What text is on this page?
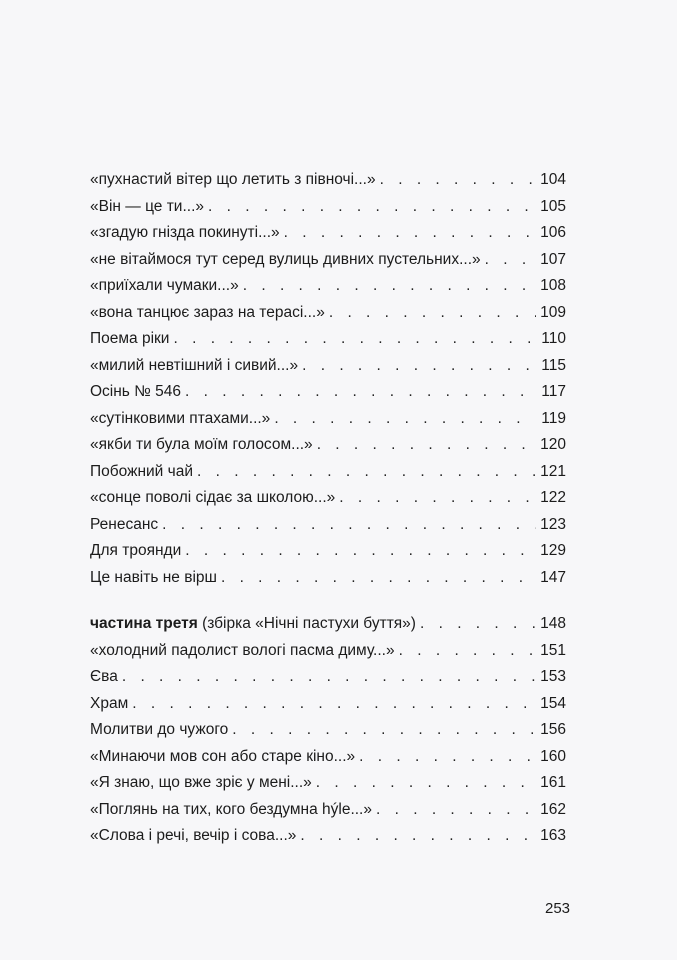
«пухнастий вітер що летить з півночі...» . . .	104
«Він — це ти...» . . .	105
«згадую гнізда покинуті...» . . .	106
«не вітаймося тут серед вулиць дивних пустельних...» . . .	107
«приїхали чумаки...» . . .	108
«вона танцює зараз на терасі...» . . .	109
Поема ріки . . .	110
«милий невтішний і сивий...» . . .	115
Осінь № 546 . . .	117
«сутінковими птахами...» . . .	119
«якби ти була моїм голосом...» . . .	120
Побожний чай . . .	121
«сонце поволі сідає за школою...» . . .	122
Ренесанс . . .	123
Для троянди . . .	129
Це навіть не вірш . . .	147
частина третя (збірка «Нічні пастухи буття») . . .	148
«холодний падолист вологі пасма диму...» . . .	151
Єва . . .	153
Храм . . .	154
Молитви до чужого . . .	156
«Минаючи мов сон або старе кіно...» . . .	160
«Я знаю, що вже зріє у мені...» . . .	161
«Поглянь на тих, кого бездумна hýle...» . . .	162
«Слова і речі, вечір і сова...» . . .	163
253
